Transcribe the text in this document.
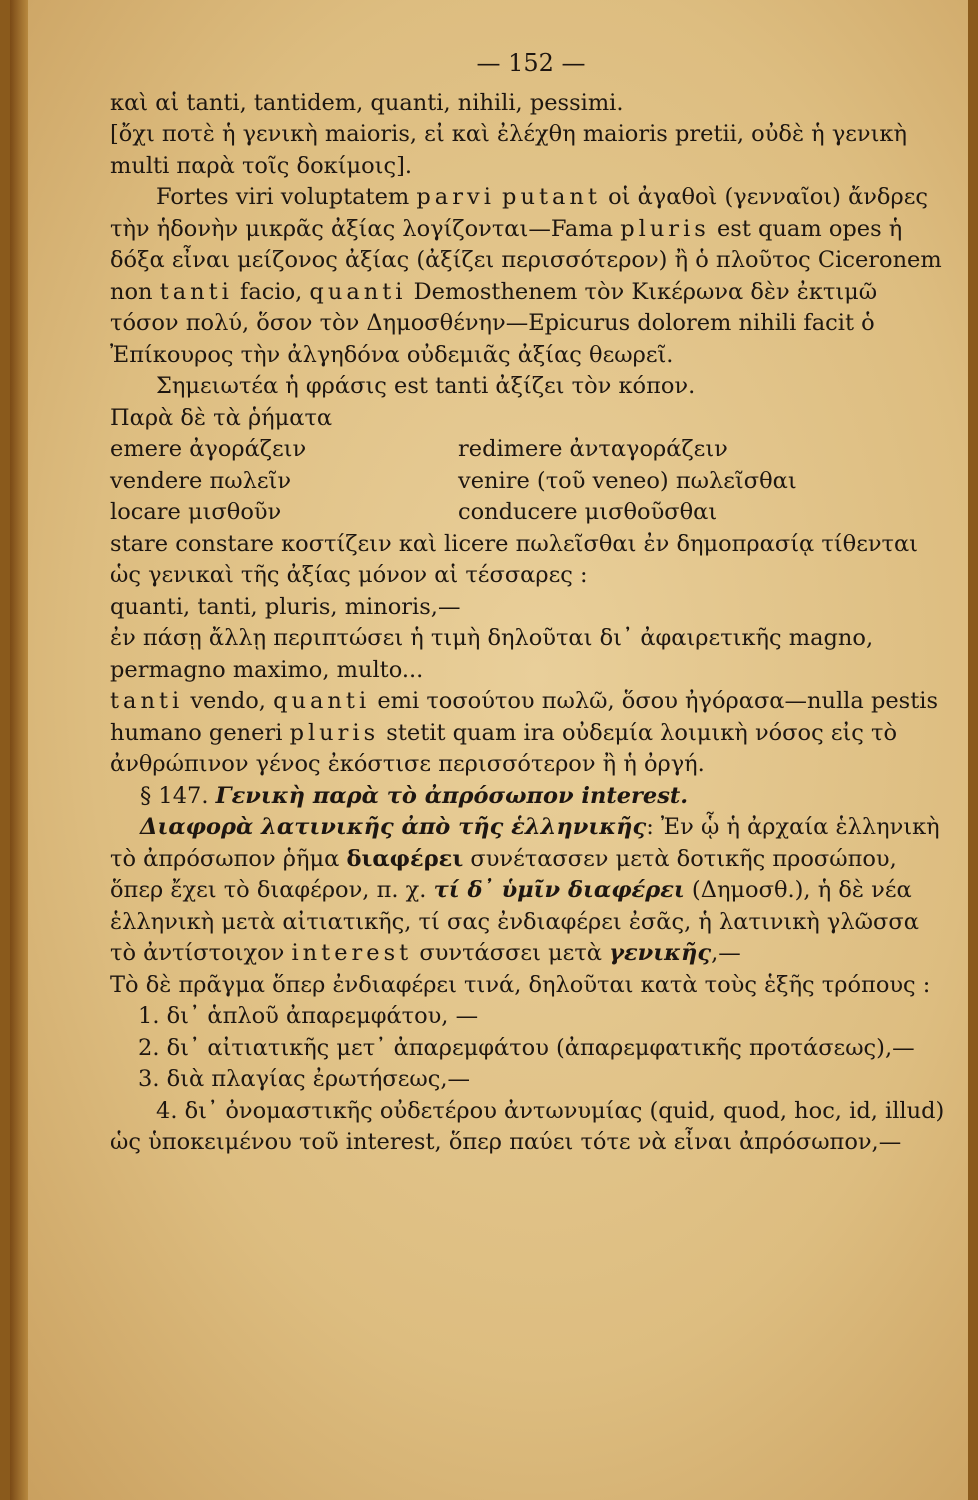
— 152 —

καὶ αἱ tanti, tantidem, quanti, nihili, pessimi.

[ὄχι ποτὲ ἡ γενικὴ maioris, εἰ καὶ ἐλέχθη maioris pretii, οὐδὲ ἡ γενικὴ multi παρὰ τοῖς δοκίμοις].

Fortes viri voluptatem parvi putant οἱ ἀγαθοὶ (γενναῖοι) ἄνδρες τὴν ἡδονὴν μικρᾶς ἀξίας λογίζονται—Fama pluris est quam opes ἡ δόξα εἶναι μείζονος ἀξίας (ἀξίζει περισσότερον) ἢ ὁ πλοῦτος Ciceronem non tanti facio, quanti Demosthenem τὸν Κικέρωνα δὲν ἐκτιμῶ τόσον πολύ, ὅσον τὸν Δημοσθένην—Epicurus dolorem nihili facit ὁ Ἐπίκουρος τὴν ἀλγηδόνα οὐδεμιᾶς ἀξίας θεωρεῖ.

Σημειωτέα ἡ φράσις est tanti ἀξίζει τὸν κόπον.

Παρὰ δὲ τὰ ῥήματα

emere ἀγοράζειν	redimere ἀνταγοράζειν
vendere πωλεῖν	venire (τοῦ veneo) πωλεῖσθαι
locare μισθοῦν	conducere μισθοῦσθαι

stare constare κοστίζειν καὶ licere πωλεῖσθαι ἐν δημοπρασίᾳ τίθενται ὡς γενικαὶ τῆς ἀξίας μόνον αἱ τέσσαρες :

quanti, tanti, pluris, minoris,—

ἐν πάσῃ ἄλλῃ περιπτώσει ἡ τιμὴ δηλοῦται δι᾽ ἀφαιρετικῆς magno, permagno maximo, multo...

tanti vendo, quanti emi τοσούτου πωλῶ, ὅσου ἠγόρασα—nulla pestis humano generi pluris stetit quam ira οὐδεμία λοιμικὴ νόσος εἰς τὸ ἀνθρώπινον γένος ἐκόστισε περισσότερον ἢ ἡ ὀργή.

§ 147. Γενικὴ παρὰ τὸ ἀπρόσωπον interest.

Διαφορὰ λατινικῆς ἀπὸ τῆς ἑλληνικῆς: Ἐν ᾧ ἡ ἀρχαία ἑλληνικὴ τὸ ἀπρόσωπον ῥῆμα διαφέρει συνέτασσεν μετὰ δοτικῆς προσώπου, ὅπερ ἔχει τὸ διαφέρον, π. χ. τί δ᾽ ὑμῖν διαφέρει (Δημοσθ.), ἡ δὲ νέα ἑλληνικὴ μετὰ αἰτιατικῆς, τί σας ἐνδιαφέρει ἐσᾶς, ἡ λατινικὴ γλῶσσα τὸ ἀντίστοιχον interest συντάσσει μετὰ γενικῆς,—

Τὸ δὲ πρᾶγμα ὅπερ ἐνδιαφέρει τινά, δηλοῦται κατὰ τοὺς ἑξῆς τρόπους :

1. δι᾽ ἁπλοῦ ἀπαρεμφάτου, —

2. δι᾽ αἰτιατικῆς μετ᾽ ἀπαρεμφάτου (ἀπαρεμφατικῆς προτάσεως),—

3. διὰ πλαγίας ἐρωτήσεως,—

4. δι᾽ ὀνομαστικῆς οὐδετέρου ἀντωνυμίας (quid, quod, hoc, id, illud) ὡς ὑποκειμένου τοῦ interest, ὅπερ παύει τότε νὰ εἶναι ἀπρόσωπον,—
